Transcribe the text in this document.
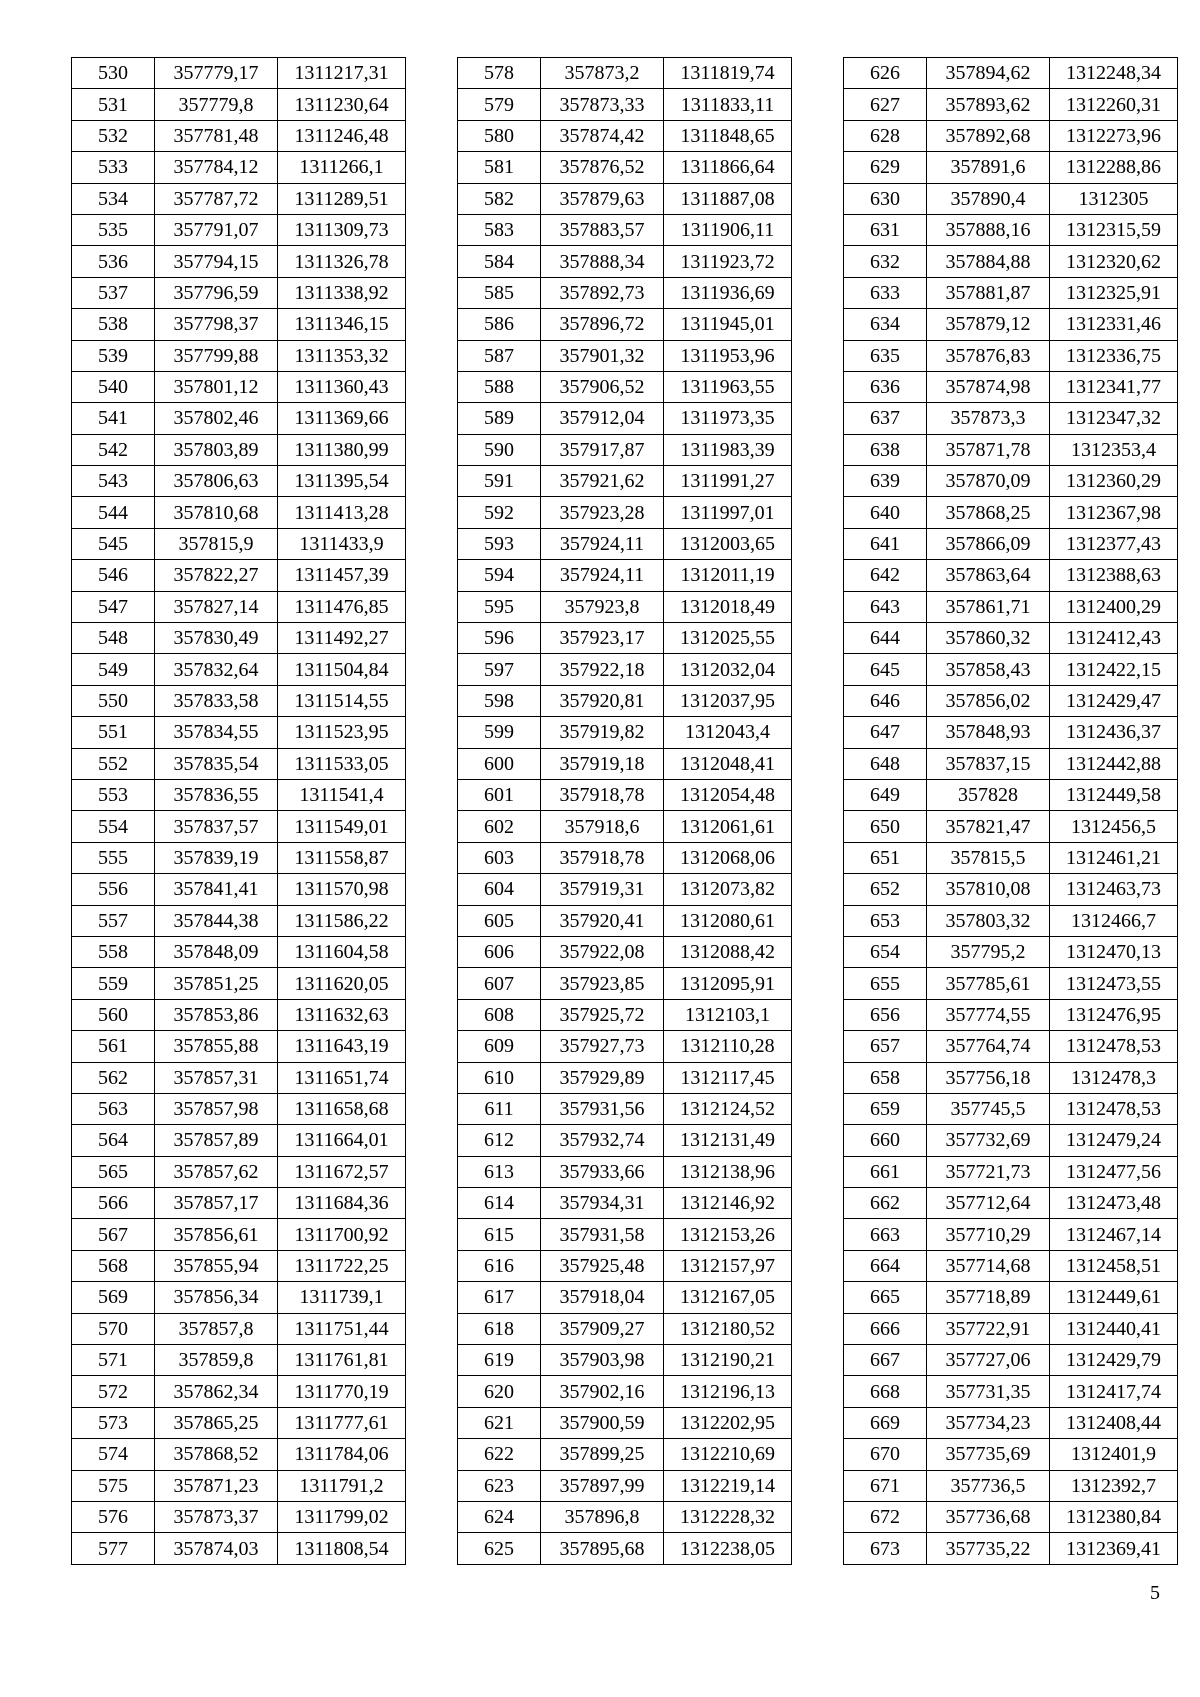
530	357779,17	1311217,31
531	357779,8	1311230,64
532	357781,48	1311246,48
533	357784,12	1311266,1
534	357787,72	1311289,51
535	357791,07	1311309,73
536	357794,15	1311326,78
537	357796,59	1311338,92
538	357798,37	1311346,15
539	357799,88	1311353,32
540	357801,12	1311360,43
541	357802,46	1311369,66
542	357803,89	1311380,99
543	357806,63	1311395,54
544	357810,68	1311413,28
545	357815,9	1311433,9
546	357822,27	1311457,39
547	357827,14	1311476,85
548	357830,49	1311492,27
549	357832,64	1311504,84
550	357833,58	1311514,55
551	357834,55	1311523,95
552	357835,54	1311533,05
553	357836,55	1311541,4
554	357837,57	1311549,01
555	357839,19	1311558,87
556	357841,41	1311570,98
557	357844,38	1311586,22
558	357848,09	1311604,58
559	357851,25	1311620,05
560	357853,86	1311632,63
561	357855,88	1311643,19
562	357857,31	1311651,74
563	357857,98	1311658,68
564	357857,89	1311664,01
565	357857,62	1311672,57
566	357857,17	1311684,36
567	357856,61	1311700,92
568	357855,94	1311722,25
569	357856,34	1311739,1
570	357857,8	1311751,44
571	357859,8	1311761,81
572	357862,34	1311770,19
573	357865,25	1311777,61
574	357868,52	1311784,06
575	357871,23	1311791,2
576	357873,37	1311799,02
577	357874,03	1311808,54
578	357873,2	1311819,74
579	357873,33	1311833,11
580	357874,42	1311848,65
581	357876,52	1311866,64
582	357879,63	1311887,08
583	357883,57	1311906,11
584	357888,34	1311923,72
585	357892,73	1311936,69
586	357896,72	1311945,01
587	357901,32	1311953,96
588	357906,52	1311963,55
589	357912,04	1311973,35
590	357917,87	1311983,39
591	357921,62	1311991,27
592	357923,28	1311997,01
593	357924,11	1312003,65
594	357924,11	1312011,19
595	357923,8	1312018,49
596	357923,17	1312025,55
597	357922,18	1312032,04
598	357920,81	1312037,95
599	357919,82	1312043,4
600	357919,18	1312048,41
601	357918,78	1312054,48
602	357918,6	1312061,61
603	357918,78	1312068,06
604	357919,31	1312073,82
605	357920,41	1312080,61
606	357922,08	1312088,42
607	357923,85	1312095,91
608	357925,72	1312103,1
609	357927,73	1312110,28
610	357929,89	1312117,45
611	357931,56	1312124,52
612	357932,74	1312131,49
613	357933,66	1312138,96
614	357934,31	1312146,92
615	357931,58	1312153,26
616	357925,48	1312157,97
617	357918,04	1312167,05
618	357909,27	1312180,52
619	357903,98	1312190,21
620	357902,16	1312196,13
621	357900,59	1312202,95
622	357899,25	1312210,69
623	357897,99	1312219,14
624	357896,8	1312228,32
625	357895,68	1312238,05
626	357894,62	1312248,34
627	357893,62	1312260,31
628	357892,68	1312273,96
629	357891,6	1312288,86
630	357890,4	1312305
631	357888,16	1312315,59
632	357884,88	1312320,62
633	357881,87	1312325,91
634	357879,12	1312331,46
635	357876,83	1312336,75
636	357874,98	1312341,77
637	357873,3	1312347,32
638	357871,78	1312353,4
639	357870,09	1312360,29
640	357868,25	1312367,98
641	357866,09	1312377,43
642	357863,64	1312388,63
643	357861,71	1312400,29
644	357860,32	1312412,43
645	357858,43	1312422,15
646	357856,02	1312429,47
647	357848,93	1312436,37
648	357837,15	1312442,88
649	357828	1312449,58
650	357821,47	1312456,5
651	357815,5	1312461,21
652	357810,08	1312463,73
653	357803,32	1312466,7
654	357795,2	1312470,13
655	357785,61	1312473,55
656	357774,55	1312476,95
657	357764,74	1312478,53
658	357756,18	1312478,3
659	357745,5	1312478,53
660	357732,69	1312479,24
661	357721,73	1312477,56
662	357712,64	1312473,48
663	357710,29	1312467,14
664	357714,68	1312458,51
665	357718,89	1312449,61
666	357722,91	1312440,41
667	357727,06	1312429,79
668	357731,35	1312417,74
669	357734,23	1312408,44
670	357735,69	1312401,9
671	357736,5	1312392,7
672	357736,68	1312380,84
673	357735,22	1312369,41
5
